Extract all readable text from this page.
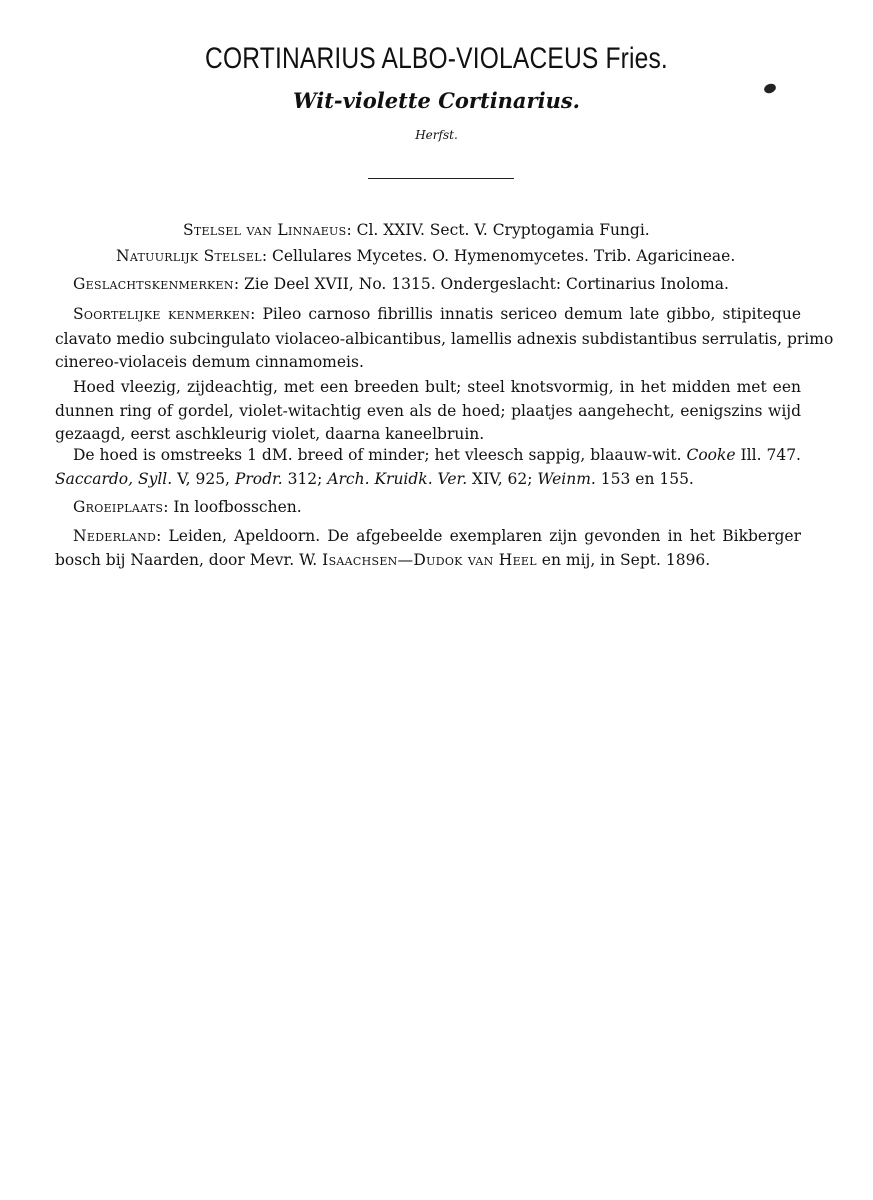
CORTINARIUS ALBO-VIOLACEUS Fries.
Wit-violette Cortinarius.
Herfst.
Stelsel van Linnaeus: Cl. XXIV. Sect. V. Cryptogamia Fungi.
Natuurlijk Stelsel: Cellulares Mycetes. O. Hymenomycetes. Trib. Agaricineae.
Geslachtskenmerken: Zie Deel XVII, No. 1315. Ondergeslacht: Cortinarius Inoloma.
Soortelijke kenmerken: Pileo carnoso fibrillis innatis sericeo demum late gibbo, stipiteque
clavato medio subcingulato violaceo-albicantibus, lamellis adnexis subdistantibus serrulatis, primo
cinereo-violaceis demum cinnamomeis.
Hoed vleezig, zijdeachtig, met een breeden bult; steel knotsvormig, in het midden met een
dunnen ring of gordel, violet-witachtig even als de hoed; plaatjes aangehecht, eenigszins wijd
gezaagd, eerst aschkleurig violet, daarna kaneelbruin.
De hoed is omstreeks 1 dM. breed of minder; het vleesch sappig, blaauw-wit. Cooke Ill. 747.
Saccardo, Syll. V, 925, Prodr. 312; Arch. Kruidk. Ver. XIV, 62; Weinm. 153 en 155.
Groeiplaats: In loofbosschen.
Nederland: Leiden, Apeldoorn. De afgebeelde exemplaren zijn gevonden in het Bikberger
bosch bij Naarden, door Mevr. W. Isaachsen—Dudok van Heel en mij, in Sept. 1896.
